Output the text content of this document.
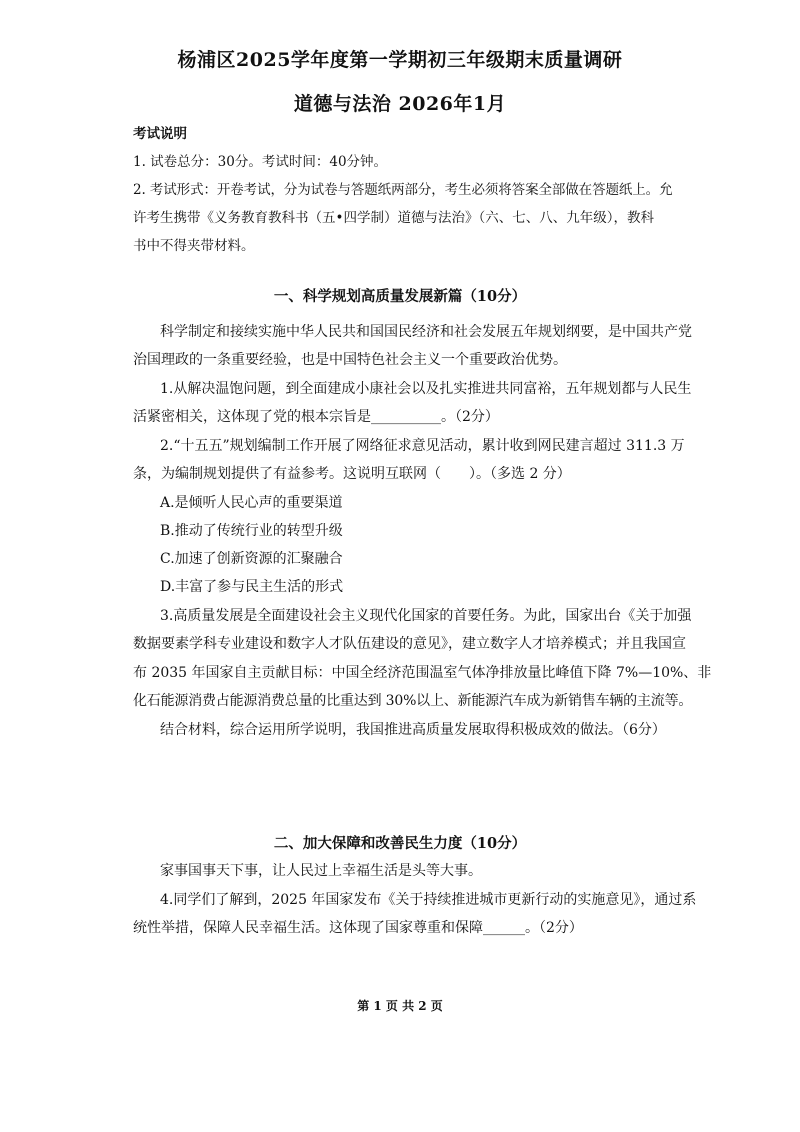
杨浦区2025学年度第一学期初三年级期末质量调研
道德与法治 2026年1月
考试说明
1. 试卷总分：30分。考试时间：40分钟。
2. 考试形式：开卷考试，分为试卷与答题纸两部分，考生必须将答案全部做在答题纸上。允
许考生携带《义务教育教科书（五•四学制）道德与法治》（六、七、八、九年级），教科
书中不得夹带材料。
一、科学规划高质量发展新篇（10分）
科学制定和接续实施中华人民共和国国民经济和社会发展五年规划纲要，是中国共产党
治国理政的一条重要经验，也是中国特色社会主义一个重要政治优势。
1.从解决温饱问题，到全面建成小康社会以及扎实推进共同富裕，五年规划都与人民生
活紧密相关，这体现了党的根本宗旨是__________。（2分）
2.“十五五”规划编制工作开展了网络征求意见活动，累计收到网民建言超过 311.3 万
条，为编制规划提供了有益参考。这说明互联网（　　）。（多选 2 分）
A.是倾听人民心声的重要渠道
B.推动了传统行业的转型升级
C.加速了创新资源的汇聚融合
D.丰富了参与民主生活的形式
3.高质量发展是全面建设社会主义现代化国家的首要任务。为此，国家出台《关于加强
数据要素学科专业建设和数字人才队伍建设的意见》，建立数字人才培养模式；并且我国宣
布 2035 年国家自主贡献目标：中国全经济范围温室气体净排放量比峰值下降 7%—10%、非
化石能源消费占能源消费总量的比重达到 30%以上、新能源汽车成为新销售车辆的主流等。
结合材料，综合运用所学说明，我国推进高质量发展取得积极成效的做法。（6分）
二、加大保障和改善民生力度（10分）
家事国事天下事，让人民过上幸福生活是头等大事。
4.同学们了解到，2025 年国家发布《关于持续推进城市更新行动的实施意见》，通过系
统性举措，保障人民幸福生活。这体现了国家尊重和保障______。（2分）
第 1 页 共 2 页
